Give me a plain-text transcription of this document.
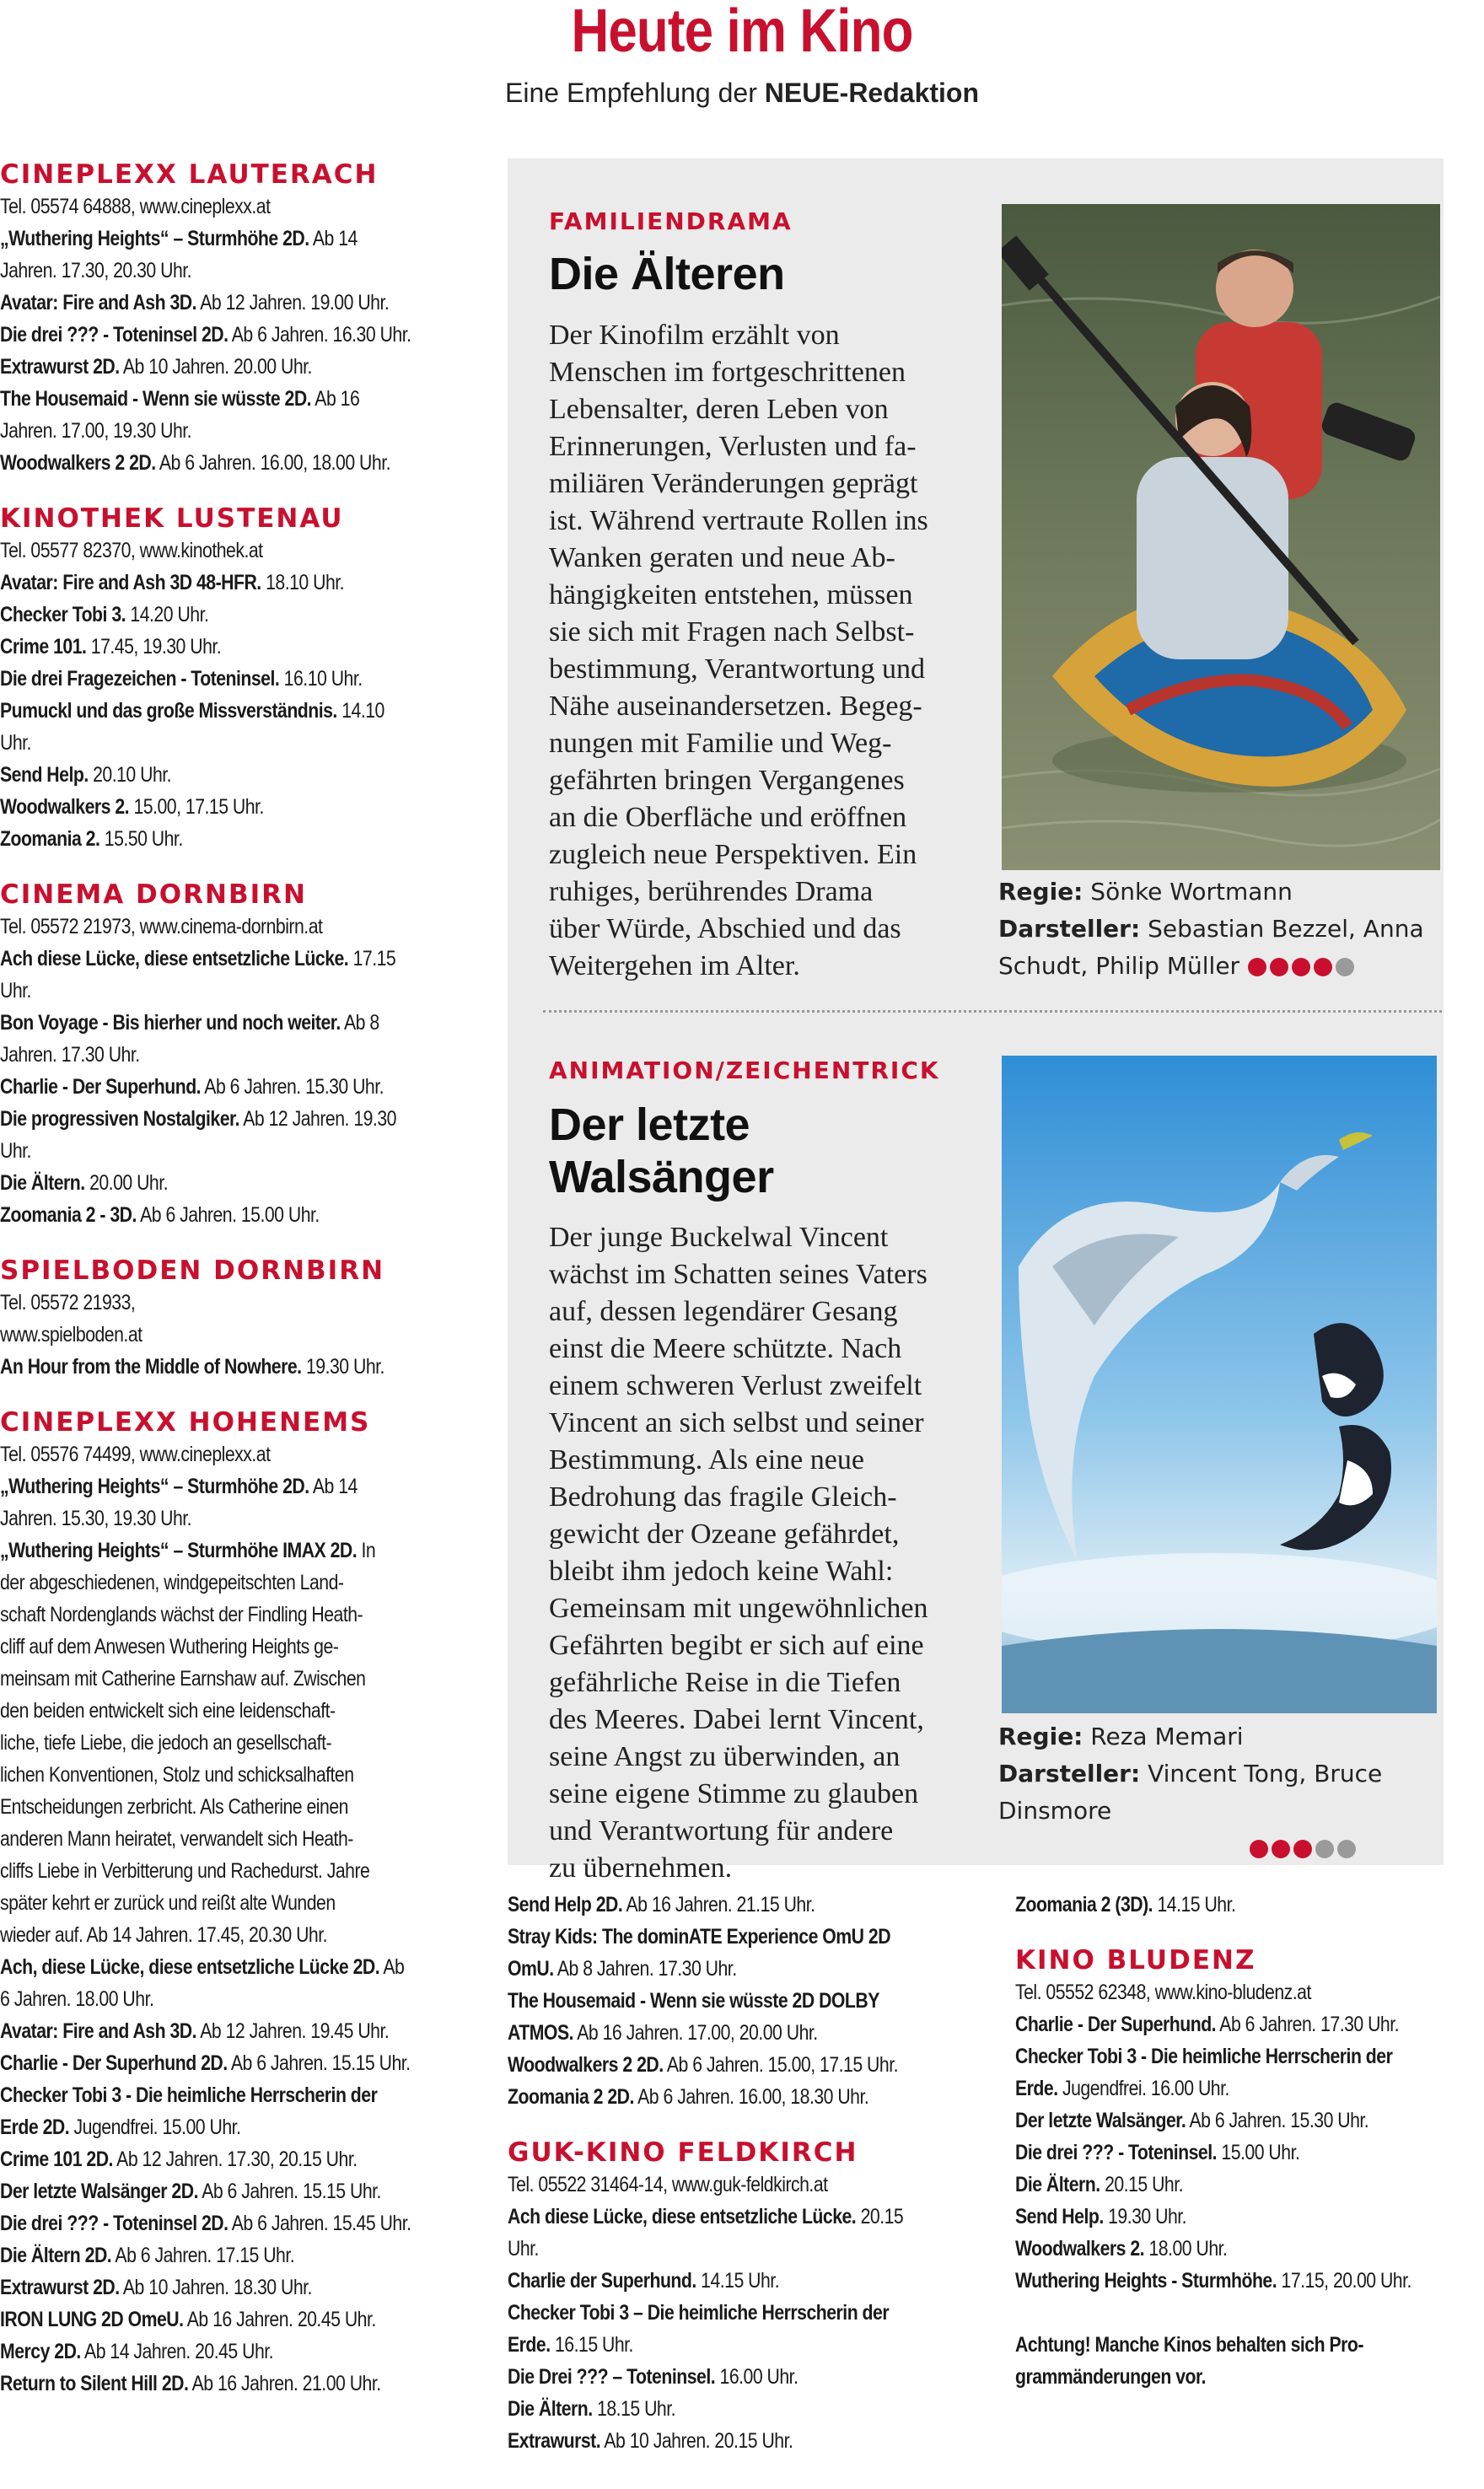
Heute im Kino
Eine Empfehlung der NEUE-Redaktion
CINEPLEXX LAUTERACH
Tel. 05574 64888, www.cineplexx.at
„Wuthering Heights“ – Sturmhöhe 2D. Ab 14
Jahren. 17.30, 20.30 Uhr.
Avatar: Fire and Ash 3D. Ab 12 Jahren. 19.00 Uhr.
Die drei ??? - Toteninsel 2D. Ab 6 Jahren. 16.30 Uhr.
Extrawurst 2D. Ab 10 Jahren. 20.00 Uhr.
The Housemaid - Wenn sie wüsste 2D. Ab 16
Jahren. 17.00, 19.30 Uhr.
Woodwalkers 2 2D. Ab 6 Jahren. 16.00, 18.00 Uhr.
KINOTHEK LUSTENAU
Tel. 05577 82370, www.kinothek.at
Avatar: Fire and Ash 3D 48-HFR. 18.10 Uhr.
Checker Tobi 3. 14.20 Uhr.
Crime 101. 17.45, 19.30 Uhr.
Die drei Fragezeichen - Toteninsel. 16.10 Uhr.
Pumuckl und das große Missverständnis. 14.10
Uhr.
Send Help. 20.10 Uhr.
Woodwalkers 2. 15.00, 17.15 Uhr.
Zoomania 2. 15.50 Uhr.
CINEMA DORNBIRN
Tel. 05572 21973, www.cinema-dornbirn.at
Ach diese Lücke, diese entsetzliche Lücke. 17.15
Uhr.
Bon Voyage - Bis hierher und noch weiter. Ab 8
Jahren. 17.30 Uhr.
Charlie - Der Superhund. Ab 6 Jahren. 15.30 Uhr.
Die progressiven Nostalgiker. Ab 12 Jahren. 19.30
Uhr.
Die Ältern. 20.00 Uhr.
Zoomania 2 - 3D. Ab 6 Jahren. 15.00 Uhr.
SPIELBODEN DORNBIRN
Tel. 05572 21933,
www.spielboden.at
An Hour from the Middle of Nowhere. 19.30 Uhr.
CINEPLEXX HOHENEMS
Tel. 05576 74499, www.cineplexx.at
„Wuthering Heights“ – Sturmhöhe 2D. Ab 14
Jahren. 15.30, 19.30 Uhr.
„Wuthering Heights“ – Sturmhöhe IMAX 2D. In
der abgeschiedenen, windgepeitschten Land-
schaft Nordenglands wächst der Findling Heath-
cliff auf dem Anwesen Wuthering Heights ge-
meinsam mit Catherine Earnshaw auf. Zwischen
den beiden entwickelt sich eine leidenschaft-
liche, tiefe Liebe, die jedoch an gesellschaft-
lichen Konventionen, Stolz und schicksalhaften
Entscheidungen zerbricht. Als Catherine einen
anderen Mann heiratet, verwandelt sich Heath-
cliffs Liebe in Verbitterung und Rachedurst. Jahre
später kehrt er zurück und reißt alte Wunden
wieder auf. Ab 14 Jahren. 17.45, 20.30 Uhr.
Ach, diese Lücke, diese entsetzliche Lücke 2D. Ab
6 Jahren. 18.00 Uhr.
Avatar: Fire and Ash 3D. Ab 12 Jahren. 19.45 Uhr.
Charlie - Der Superhund 2D. Ab 6 Jahren. 15.15 Uhr.
Checker Tobi 3 - Die heimliche Herrscherin der
Erde 2D. Jugendfrei. 15.00 Uhr.
Crime 101 2D. Ab 12 Jahren. 17.30, 20.15 Uhr.
Der letzte Walsänger 2D. Ab 6 Jahren. 15.15 Uhr.
Die drei ??? - Toteninsel 2D. Ab 6 Jahren. 15.45 Uhr.
Die Ältern 2D. Ab 6 Jahren. 17.15 Uhr.
Extrawurst 2D. Ab 10 Jahren. 18.30 Uhr.
IRON LUNG 2D OmeU. Ab 16 Jahren. 20.45 Uhr.
Mercy 2D. Ab 14 Jahren. 20.45 Uhr.
Return to Silent Hill 2D. Ab 16 Jahren. 21.00 Uhr.
FAMILIENDRAMA
Die Älteren
Der Kinofilm erzählt von
Menschen im fortgeschrittenen
Lebensalter, deren Leben von
Erinnerungen, Verlusten und fa-
miliären Veränderungen geprägt
ist. Während vertraute Rollen ins
Wanken geraten und neue Ab-
hängigkeiten entstehen, müssen
sie sich mit Fragen nach Selbst-
bestimmung, Verantwortung und
Nähe auseinandersetzen. Begeg-
nungen mit Familie und Weg-
gefährten bringen Vergangenes
an die Oberfläche und eröffnen
zugleich neue Perspektiven. Ein
ruhiges, berührendes Drama
über Würde, Abschied und das
Weitergehen im Alter.
Regie: Sönke Wortmann
Darsteller: Sebastian Bezzel, Anna
Schudt, Philip Müller
ANIMATION/ZEICHENTRICK
Der letzte
Walsänger
Der junge Buckelwal Vincent
wächst im Schatten seines Vaters
auf, dessen legendärer Gesang
einst die Meere schützte. Nach
einem schweren Verlust zweifelt
Vincent an sich selbst und seiner
Bestimmung. Als eine neue
Bedrohung das fragile Gleich-
gewicht der Ozeane gefährdet,
bleibt ihm jedoch keine Wahl:
Gemeinsam mit ungewöhnlichen
Gefährten begibt er sich auf eine
gefährliche Reise in die Tiefen
des Meeres. Dabei lernt Vincent,
seine Angst zu überwinden, an
seine eigene Stimme zu glauben
und Verantwortung für andere
zu übernehmen.
Regie: Reza Memari
Darsteller: Vincent Tong, Bruce
Dinsmore
Send Help 2D. Ab 16 Jahren. 21.15 Uhr.
Stray Kids: The dominATE Experience OmU 2D
OmU. Ab 8 Jahren. 17.30 Uhr.
The Housemaid - Wenn sie wüsste 2D DOLBY
ATMOS. Ab 16 Jahren. 17.00, 20.00 Uhr.
Woodwalkers 2 2D. Ab 6 Jahren. 15.00, 17.15 Uhr.
Zoomania 2 2D. Ab 6 Jahren. 16.00, 18.30 Uhr.
GUK-KINO FELDKIRCH
Tel. 05522 31464-14, www.guk-feldkirch.at
Ach diese Lücke, diese entsetzliche Lücke. 20.15
Uhr.
Charlie der Superhund. 14.15 Uhr.
Checker Tobi 3 – Die heimliche Herrscherin der
Erde. 16.15 Uhr.
Die Drei ??? – Toteninsel. 16.00 Uhr.
Die Ältern. 18.15 Uhr.
Extrawurst. Ab 10 Jahren. 20.15 Uhr.
Zoomania 2 (3D). 14.15 Uhr.
KINO BLUDENZ
Tel. 05552 62348, www.kino-bludenz.at
Charlie - Der Superhund. Ab 6 Jahren. 17.30 Uhr.
Checker Tobi 3 - Die heimliche Herrscherin der
Erde. Jugendfrei. 16.00 Uhr.
Der letzte Walsänger. Ab 6 Jahren. 15.30 Uhr.
Die drei ??? - Toteninsel. 15.00 Uhr.
Die Ältern. 20.15 Uhr.
Send Help. 19.30 Uhr.
Woodwalkers 2. 18.00 Uhr.
Wuthering Heights - Sturmhöhe. 17.15, 20.00 Uhr.
Achtung! Manche Kinos behalten sich Pro-
grammänderungen vor.
